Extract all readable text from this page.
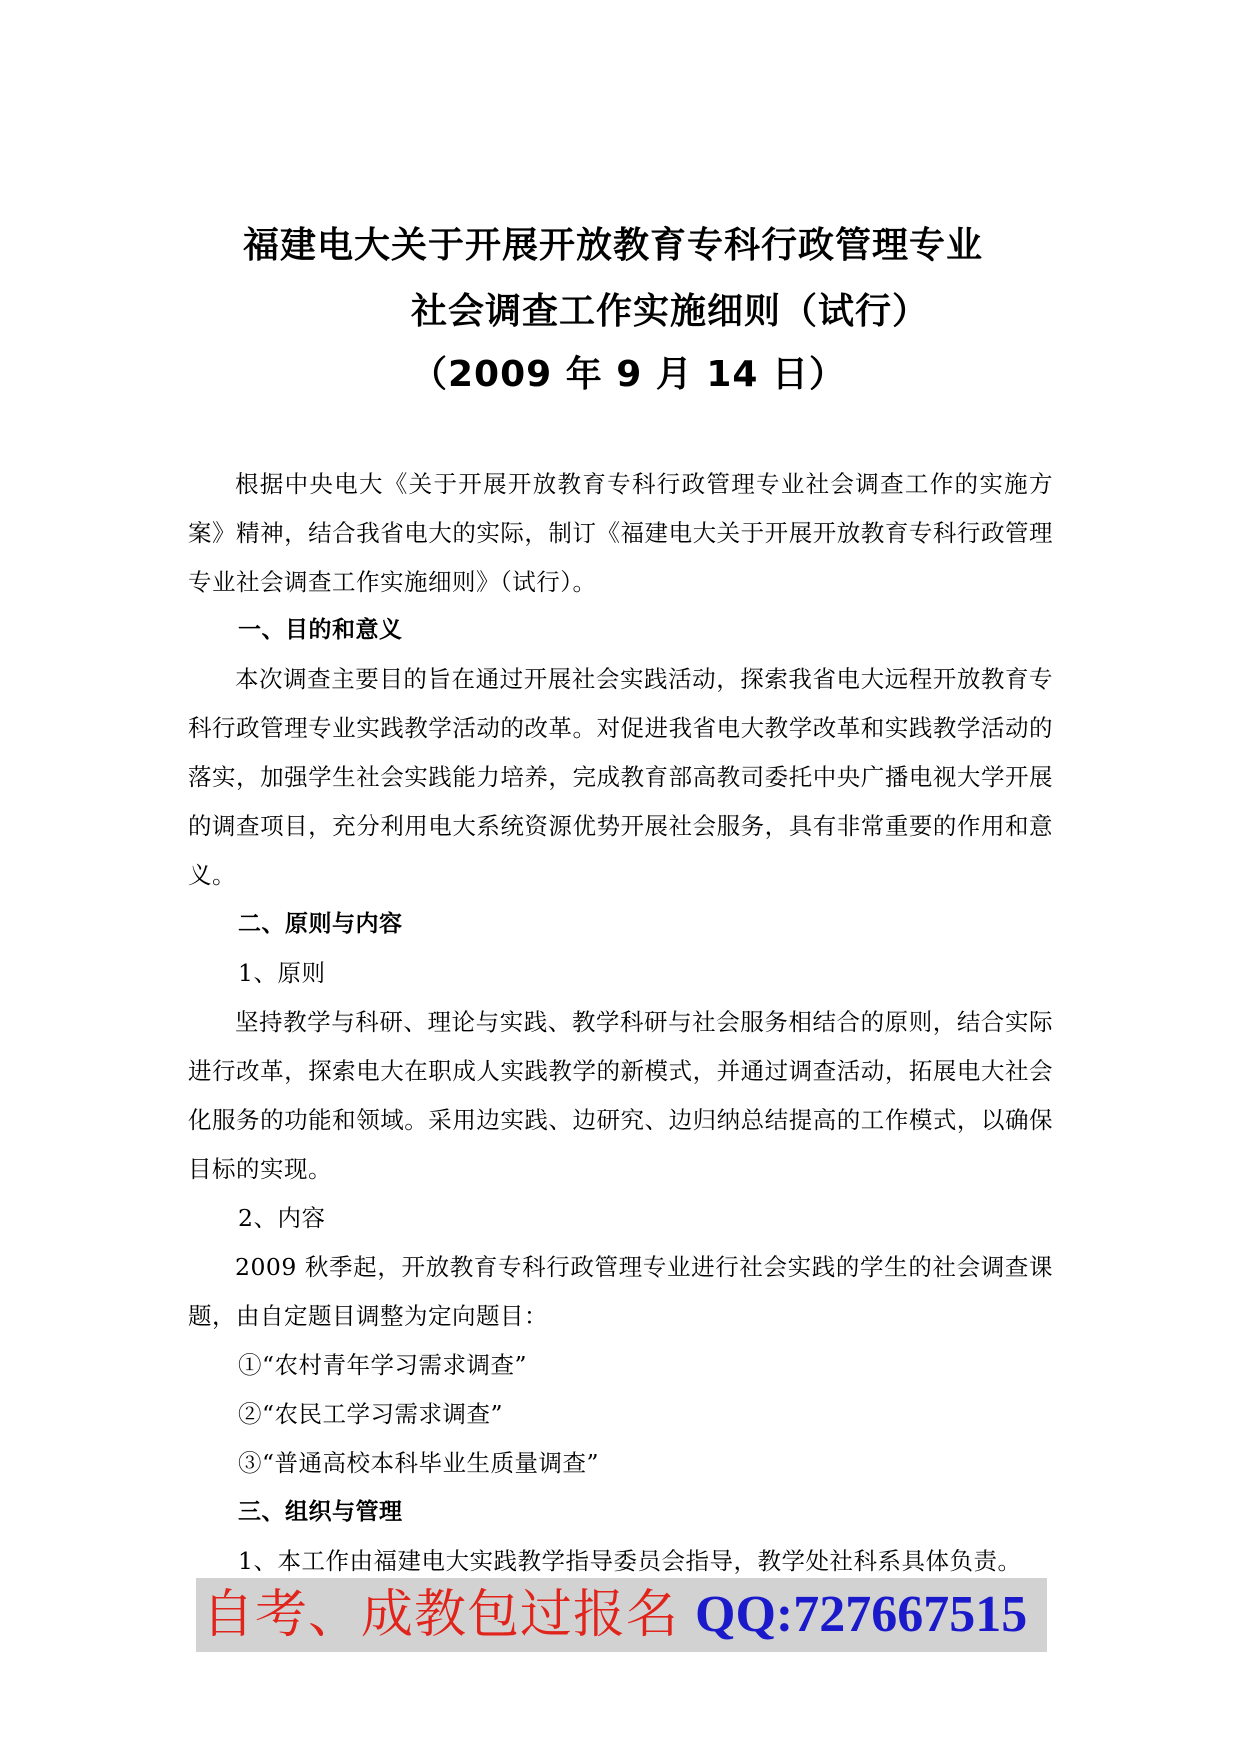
福建电大关于开展开放教育专科行政管理专业
社会调查工作实施细则（试行）
（2009 年 9 月 14 日）
根据中央电大《关于开展开放教育专科行政管理专业社会调查工作的实施方案》精神，结合我省电大的实际，制订《福建电大关于开展开放教育专科行政管理专业社会调查工作实施细则》（试行）。
一、目的和意义
本次调查主要目的旨在通过开展社会实践活动，探索我省电大远程开放教育专科行政管理专业实践教学活动的改革。对促进我省电大教学改革和实践教学活动的落实，加强学生社会实践能力培养，完成教育部高教司委托中央广播电视大学开展的调查项目，充分利用电大系统资源优势开展社会服务，具有非常重要的作用和意义。
二、原则与内容
1、原则
坚持教学与科研、理论与实践、教学科研与社会服务相结合的原则，结合实际进行改革，探索电大在职成人实践教学的新模式，并通过调查活动，拓展电大社会化服务的功能和领域。采用边实践、边研究、边归纳总结提高的工作模式，以确保目标的实现。
2、内容
2009 秋季起，开放教育专科行政管理专业进行社会实践的学生的社会调查课题，由自定题目调整为定向题目：
①“农村青年学习需求调查”
②“农民工学习需求调查”
③“普通高校本科毕业生质量调查”
三、组织与管理
1、本工作由福建电大实践教学指导委员会指导，教学处社科系具体负责。
自考、成教包过报名 QQ:727667515
